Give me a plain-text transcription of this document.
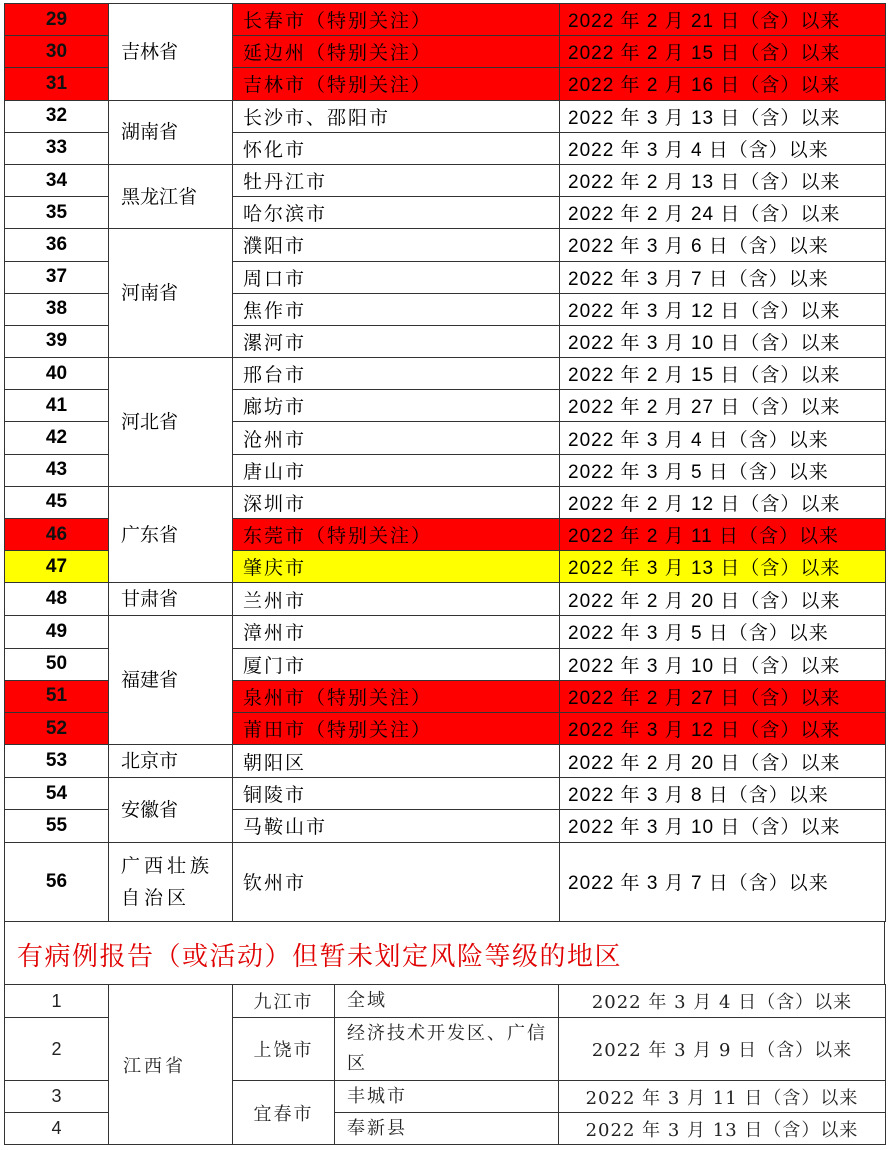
29	吉林省	长春市（特别关注）	2022 年 2 月 21 日（含）以来
30		延边州（特别关注）	2022 年 2 月 15 日（含）以来
31		吉林市（特别关注）	2022 年 2 月 16 日（含）以来
32	湖南省	长沙市、邵阳市	2022 年 3 月 13 日（含）以来
33		怀化市	2022 年 3 月 4 日（含）以来
34	黑龙江省	牡丹江市	2022 年 2 月 13 日（含）以来
35		哈尔滨市	2022 年 2 月 24 日（含）以来
36	河南省	濮阳市	2022 年 3 月 6 日（含）以来
37		周口市	2022 年 3 月 7 日（含）以来
38		焦作市	2022 年 3 月 12 日（含）以来
39		漯河市	2022 年 3 月 10 日（含）以来
40	河北省	邢台市	2022 年 2 月 15 日（含）以来
41		廊坊市	2022 年 2 月 27 日（含）以来
42		沧州市	2022 年 3 月 4 日（含）以来
43		唐山市	2022 年 3 月 5 日（含）以来
45	广东省	深圳市	2022 年 2 月 12 日（含）以来
46		东莞市（特别关注）	2022 年 2 月 11 日（含）以来
47		肇庆市	2022 年 3 月 13 日（含）以来
48	甘肃省	兰州市	2022 年 2 月 20 日（含）以来
49	福建省	漳州市	2022 年 3 月 5 日（含）以来
50		厦门市	2022 年 3 月 10 日（含）以来
51		泉州市（特别关注）	2022 年 2 月 27 日（含）以来
52		莆田市（特别关注）	2022 年 3 月 12 日（含）以来
53	北京市	朝阳区	2022 年 2 月 20 日（含）以来
54	安徽省	铜陵市	2022 年 3 月 8 日（含）以来
55		马鞍山市	2022 年 3 月 10 日（含）以来
56	广西壮族自治区	钦州市	2022 年 3 月 7 日（含）以来
有病例报告（或活动）但暂未划定风险等级的地区
1	江西省	九江市	全域	2022 年 3 月 4 日（含）以来
2		上饶市	经济技术开发区、广信区	2022 年 3 月 9 日（含）以来
3		宜春市	丰城市	2022 年 3 月 11 日（含）以来
4			奉新县	2022 年 3 月 13 日（含）以来
